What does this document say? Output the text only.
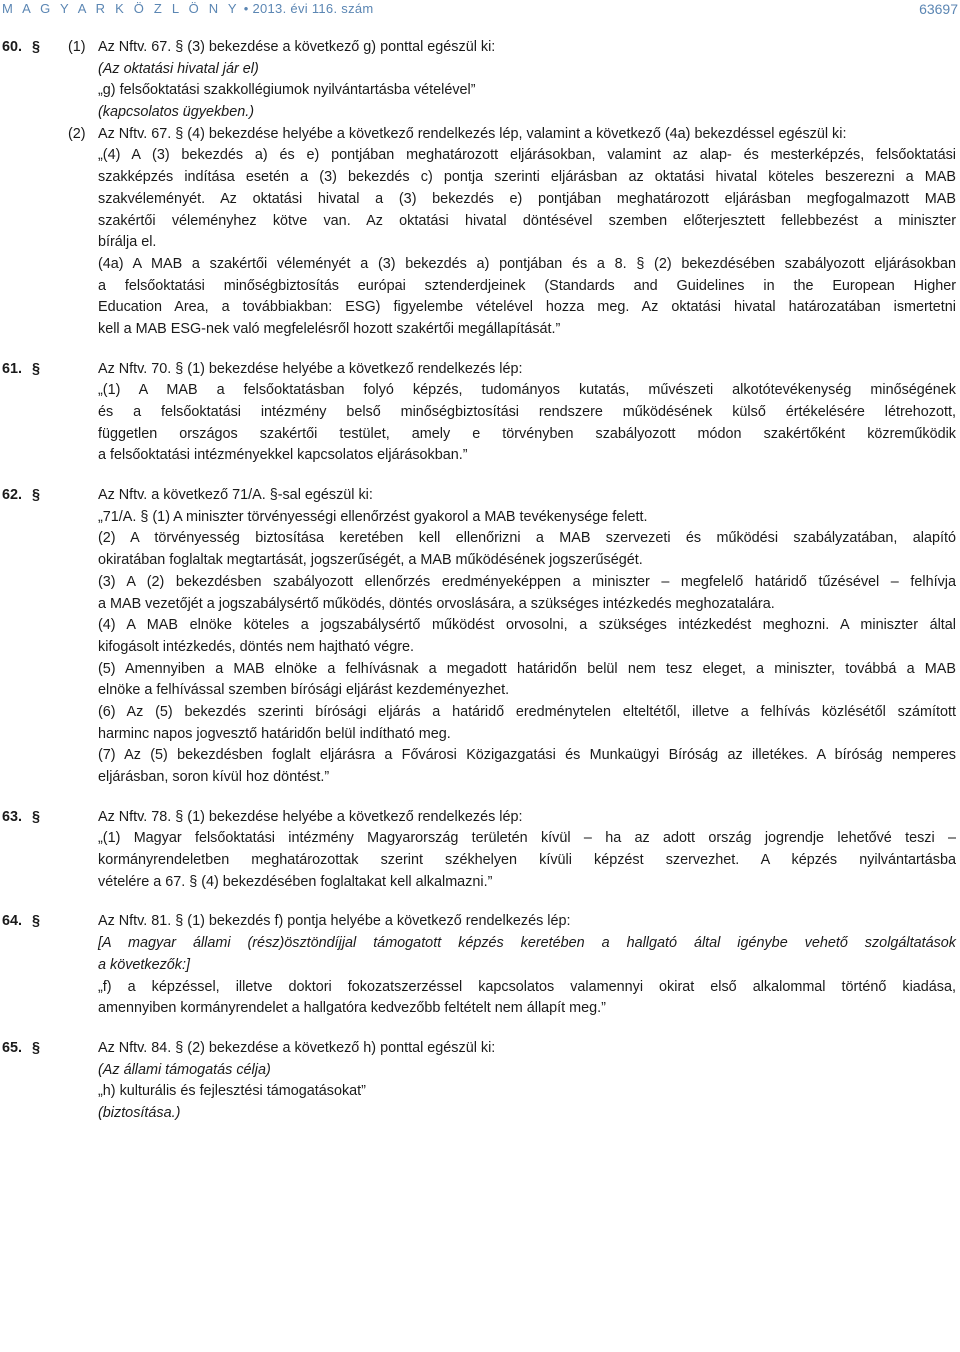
M A G Y A R K Ö Z L Ö N Y • 2013. évi 116. szám	63697
60. § (1) Az Nftv. 67. § (3) bekezdése a következő g) ponttal egészül ki:
(Az oktatási hivatal jár el)
„g) felsőoktatási szakkollégiumok nyilvántartásba vételével”
(kapcsolatos ügyekben.)
(2) Az Nftv. 67. § (4) bekezdése helyébe a következő rendelkezés lép, valamint a következő (4a) bekezdéssel egészül ki:
„(4) A (3) bekezdés a) és e) pontjában meghatározott eljárásokban, valamint az alap- és mesterképzés, felsőoktatási
szakképzés indítása esetén a (3) bekezdés c) pontja szerinti eljárásban az oktatási hivatal köteles beszerezni a MAB
szakvéleményét. Az oktatási hivatal a (3) bekezdés e) pontjában meghatározott eljárásban megfogalmazott MAB
szakértői véleményhez kötve van. Az oktatási hivatal döntésével szemben előterjesztett fellebbezést a miniszter
bírálja el.
(4a) A MAB a szakértői véleményét a (3) bekezdés a) pontjában és a 8. § (2) bekezdésében szabályozott eljárásokban
a felsőoktatási minőségbiztosítás európai sztenderdjeinek (Standards and Guidelines in the European Higher
Education Area, a továbbiakban: ESG) figyelembe vételével hozza meg. Az oktatási hivatal határozatában ismertetni
kell a MAB ESG-nek való megfelelésről hozott szakértői megállapítását.”
61. §	Az Nftv. 70. § (1) bekezdése helyébe a következő rendelkezés lép:
„(1) A MAB a felsőoktatásban folyó képzés, tudományos kutatás, művészeti alkotótevékenység minőségének
és a felsőoktatási intézmény belső minőségbiztosítási rendszere működésének külső értékelésére létrehozott,
független országos szakértői testület, amely e törvényben szabályozott módon szakértőként közreműködik
a felsőoktatási intézményekkel kapcsolatos eljárásokban.”
62. §	Az Nftv. a következő 71/A. §-sal egészül ki:
„71/A. § (1) A miniszter törvényességi ellenőrzést gyakorol a MAB tevékenysége felett.
(2) A törvényesség biztosítása keretében kell ellenőrizni a MAB szervezeti és működési szabályzatában, alapító
okiratában foglaltak megtartását, jogszerűségét, a MAB működésének jogszerűségét.
(3) A (2) bekezdésben szabályozott ellenőrzés eredményeképpen a miniszter – megfelelő határidő tűzésével – felhívja
a MAB vezetőjét a jogszabálysértő működés, döntés orvoslására, a szükséges intézkedés meghozatalára.
(4) A MAB elnöke köteles a jogszabálysértő működést orvosolni, a szükséges intézkedést meghozni. A miniszter által
kifogásolt intézkedés, döntés nem hajtható végre.
(5) Amennyiben a MAB elnöke a felhívásnak a megadott határidőn belül nem tesz eleget, a miniszter, továbbá a MAB
elnöke a felhívással szemben bírósági eljárást kezdeményezhet.
(6) Az (5) bekezdés szerinti bírósági eljárás a határidő eredménytelen elteltétől, illetve a felhívás közlésétől számított
harminc napos jogvesztő határidőn belül indítható meg.
(7) Az (5) bekezdésben foglalt eljárásra a Fővárosi Közigazgatási és Munkaügyi Bíróság az illetékes. A bíróság nemperes
eljárásban, soron kívül hoz döntést.”
63. §	Az Nftv. 78. § (1) bekezdése helyébe a következő rendelkezés lép:
„(1) Magyar felsőoktatási intézmény Magyarország területén kívül – ha az adott ország jogrendje lehetővé teszi –
kormányrendeletben meghatározottak szerint székhelyen kívüli képzést szervezhet. A képzés nyilvántartásba
vételére a 67. § (4) bekezdésében foglaltakat kell alkalmazni.”
64. §	Az Nftv. 81. § (1) bekezdés f) pontja helyébe a következő rendelkezés lép:
[A magyar állami (rész)ösztöndíjjal támogatott képzés keretében a hallgató által igénybe vehető szolgáltatások
a következők:]
„f) a képzéssel, illetve doktori fokozatszerzéssel kapcsolatos valamennyi okirat első alkalommal történő kiadása,
amennyiben kormányrendelet a hallgatóra kedvezőbb feltételt nem állapít meg.”
65. §	Az Nftv. 84. § (2) bekezdése a következő h) ponttal egészül ki:
(Az állami támogatás célja)
„h) kulturális és fejlesztési támogatásokat”
(biztosítása.)
